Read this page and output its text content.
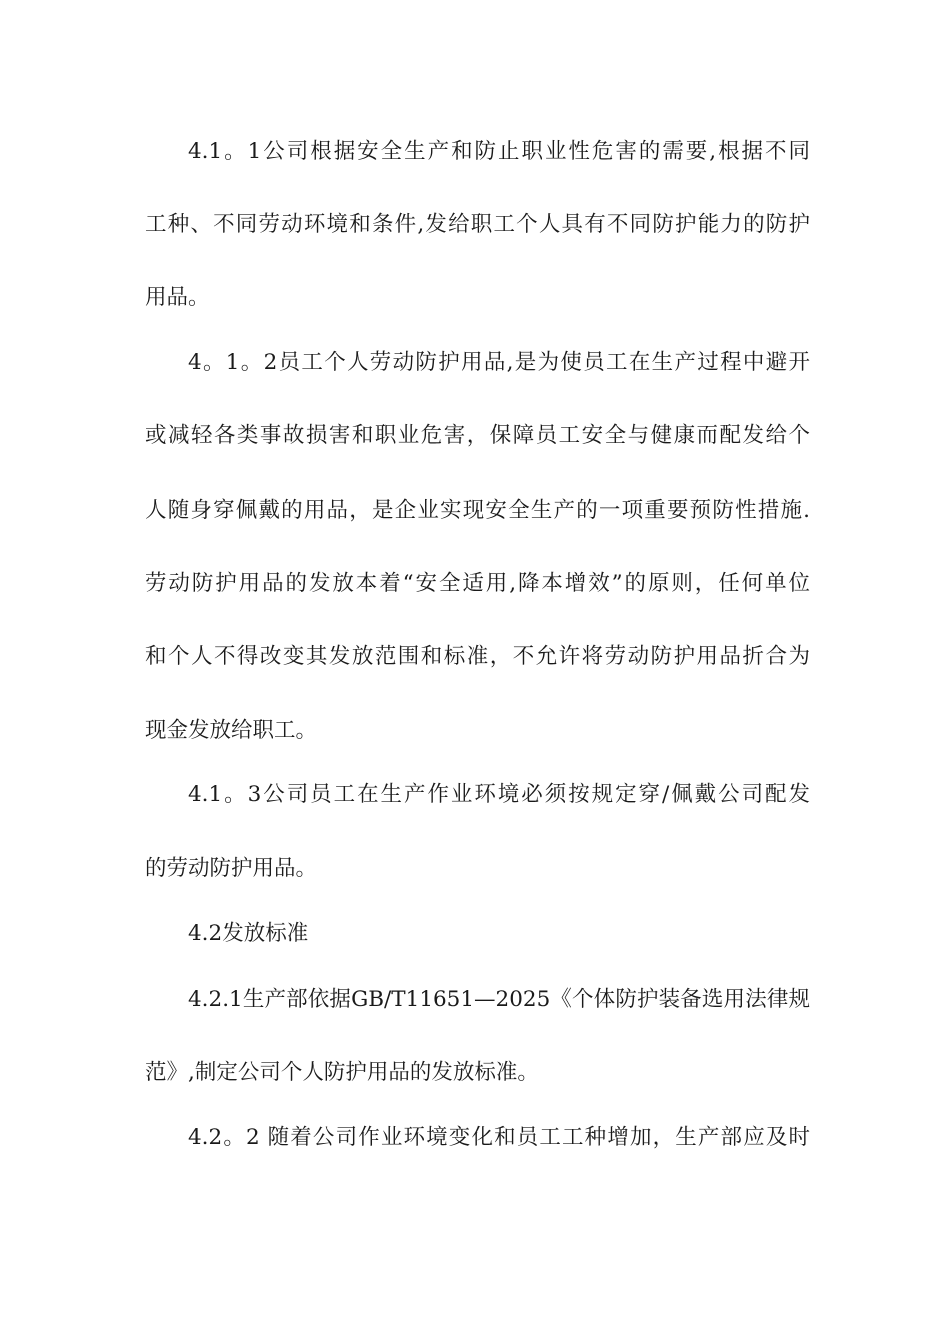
4.1。1公司根据安全生产和防止职业性危害的需要,根据不同
工种、不同劳动环境和条件,发给职工个人具有不同防护能力的防护
用品。
4。1。2员工个人劳动防护用品,是为使员工在生产过程中避开
或减轻各类事故损害和职业危害，保障员工安全与健康而配发给个
人随身穿佩戴的用品，是企业实现安全生产的一项重要预防性措施.
劳动防护用品的发放本着“安全适用,降本增效”的原则，任何单位
和个人不得改变其发放范围和标准，不允许将劳动防护用品折合为
现金发放给职工。
4.1。3公司员工在生产作业环境必须按规定穿/佩戴公司配发
的劳动防护用品。
4.2发放标准
4.2.1生产部依据GB/T11651—2025《个体防护装备选用法律规
范》,制定公司个人防护用品的发放标准。
4.2。2 随着公司作业环境变化和员工工种增加，生产部应及时
